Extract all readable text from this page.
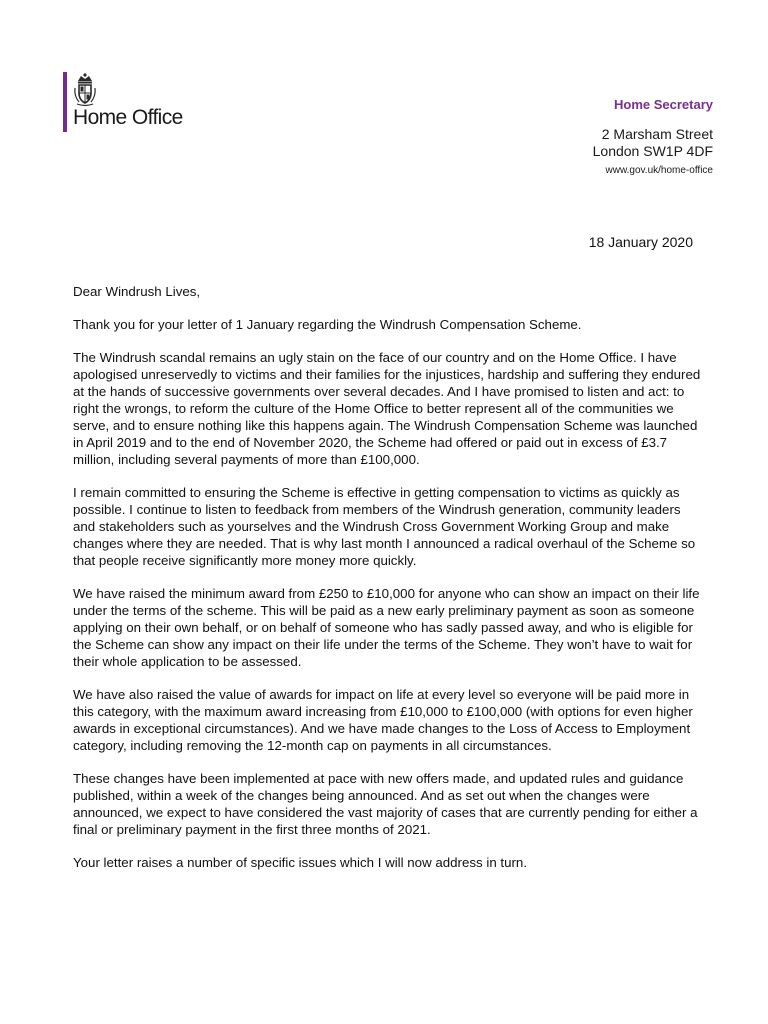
Home Office
Home Secretary
2 Marsham Street
London SW1P 4DF
www.gov.uk/home-office
18 January 2020

Dear Windrush Lives,

Thank you for your letter of 1 January regarding the Windrush Compensation Scheme.

The Windrush scandal remains an ugly stain on the face of our country and on the Home Office. I have apologised unreservedly to victims and their families for the injustices, hardship and suffering they endured at the hands of successive governments over several decades. And I have promised to listen and act: to right the wrongs, to reform the culture of the Home Office to better represent all of the communities we serve, and to ensure nothing like this happens again. The Windrush Compensation Scheme was launched in April 2019 and to the end of November 2020, the Scheme had offered or paid out in excess of £3.7 million, including several payments of more than £100,000.

I remain committed to ensuring the Scheme is effective in getting compensation to victims as quickly as possible. I continue to listen to feedback from members of the Windrush generation, community leaders and stakeholders such as yourselves and the Windrush Cross Government Working Group and make changes where they are needed. That is why last month I announced a radical overhaul of the Scheme so that people receive significantly more money more quickly.

We have raised the minimum award from £250 to £10,000 for anyone who can show an impact on their life under the terms of the scheme. This will be paid as a new early preliminary payment as soon as someone applying on their own behalf, or on behalf of someone who has sadly passed away, and who is eligible for the Scheme can show any impact on their life under the terms of the Scheme. They won’t have to wait for their whole application to be assessed.

We have also raised the value of awards for impact on life at every level so everyone will be paid more in this category, with the maximum award increasing from £10,000 to £100,000 (with options for even higher awards in exceptional circumstances). And we have made changes to the Loss of Access to Employment category, including removing the 12-month cap on payments in all circumstances.

These changes have been implemented at pace with new offers made, and updated rules and guidance published, within a week of the changes being announced. And as set out when the changes were announced, we expect to have considered the vast majority of cases that are currently pending for either a final or preliminary payment in the first three months of 2021.

Your letter raises a number of specific issues which I will now address in turn.
